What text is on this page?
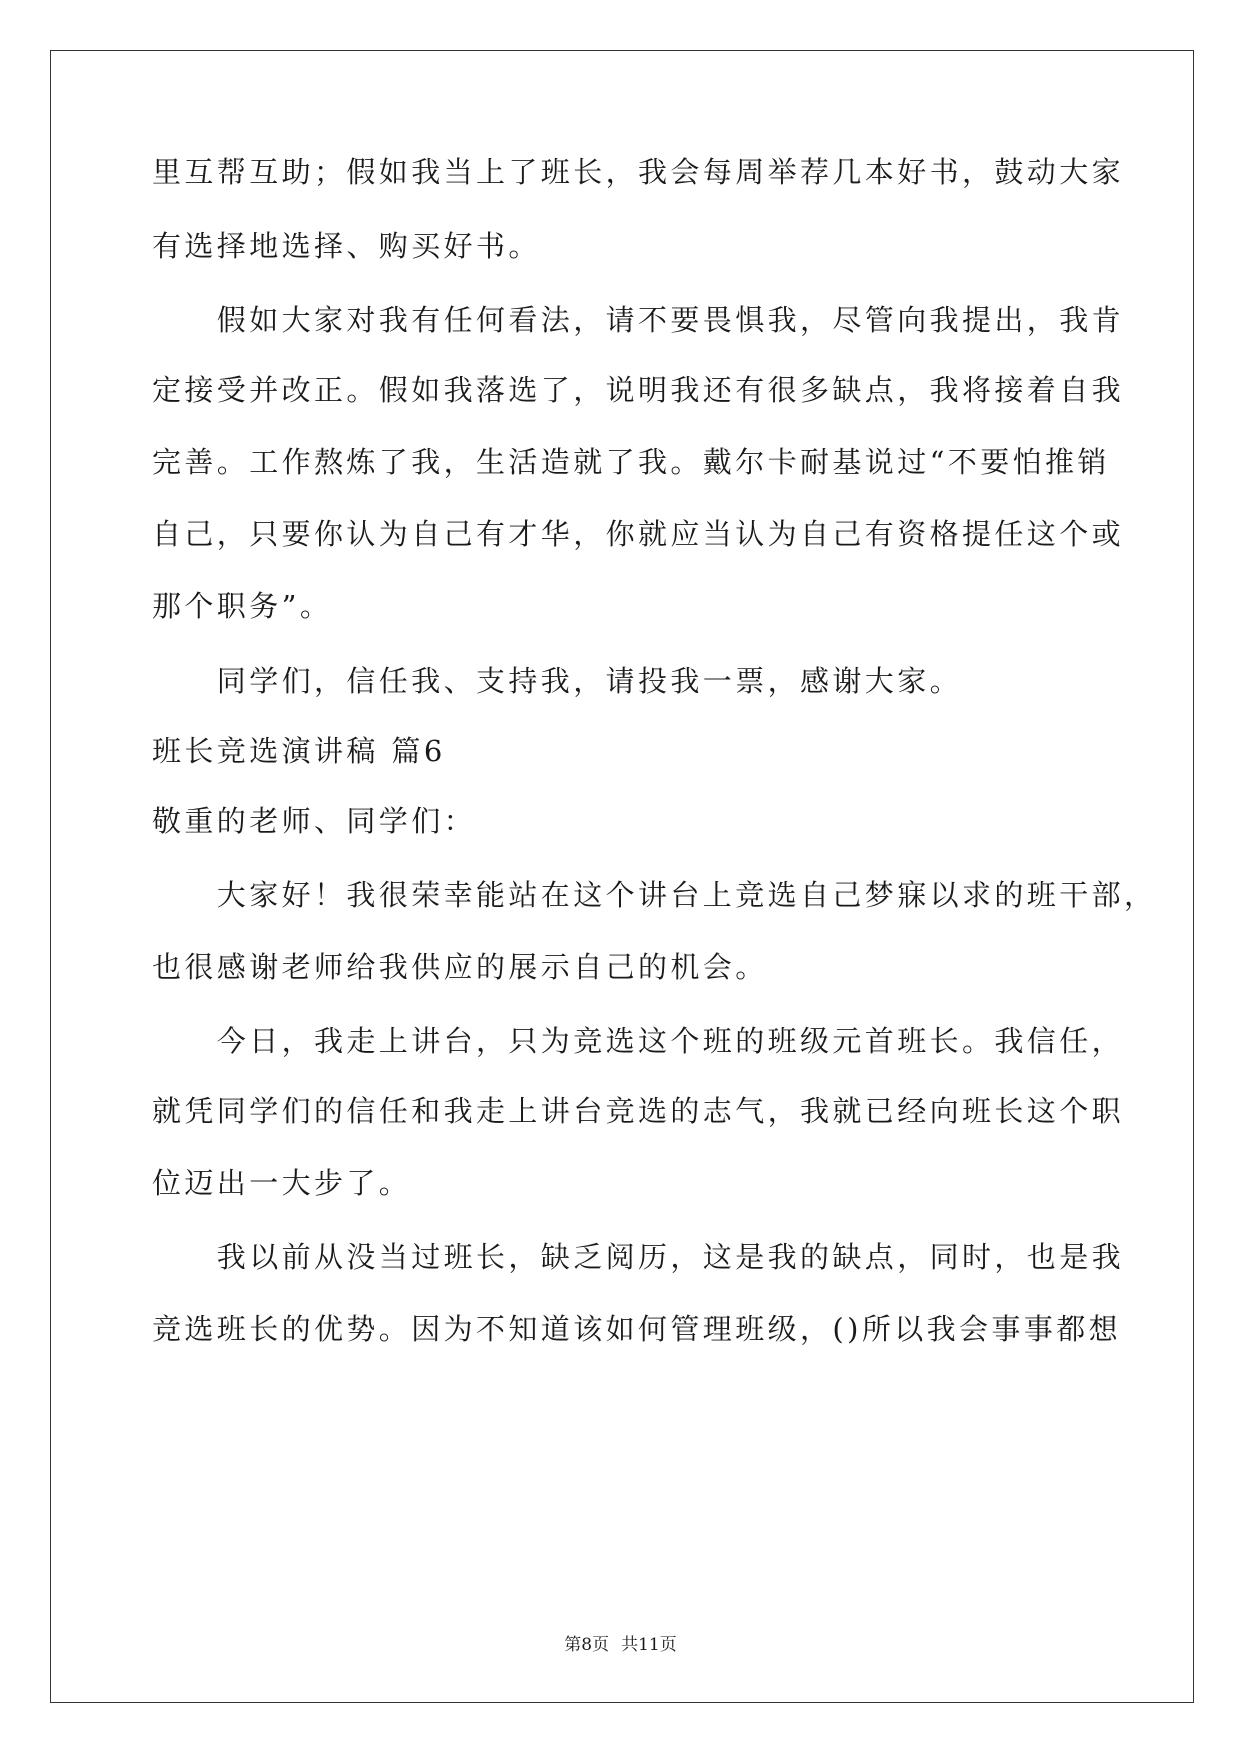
里互帮互助；假如我当上了班长，我会每周举荐几本好书，鼓动大家
有选择地选择、购买好书。
　　假如大家对我有任何看法，请不要畏惧我，尽管向我提出，我肯
定接受并改正。假如我落选了，说明我还有很多缺点，我将接着自我
完善。工作熬炼了我，生活造就了我。戴尔卡耐基说过“不要怕推销
自己，只要你认为自己有才华，你就应当认为自己有资格提任这个或
那个职务”。
　　同学们，信任我、支持我，请投我一票，感谢大家。
班长竞选演讲稿 篇6
敬重的老师、同学们：
　　大家好！我很荣幸能站在这个讲台上竞选自己梦寐以求的班干部，
也很感谢老师给我供应的展示自己的机会。
　　今日，我走上讲台，只为竞选这个班的班级元首班长。我信任，
就凭同学们的信任和我走上讲台竞选的志气，我就已经向班长这个职
位迈出一大步了。
　　我以前从没当过班长，缺乏阅历，这是我的缺点，同时，也是我
竞选班长的优势。因为不知道该如何管理班级，()所以我会事事都想
第8页 共11页
